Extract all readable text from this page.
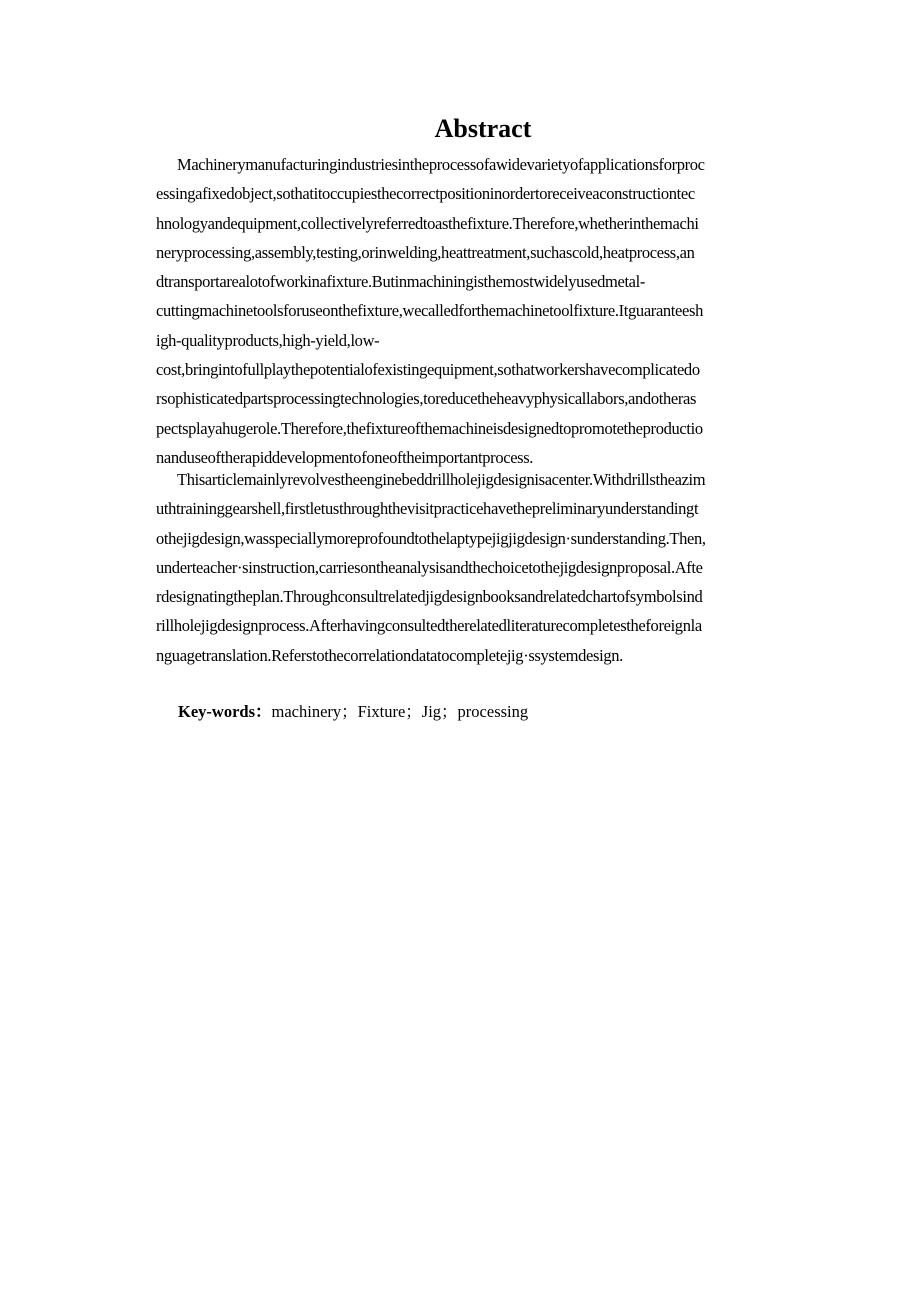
Abstract
Machinerymanufacturingindustriesintheprocessofawidevarietyofapplicationsforproc
essingafixedobject,sothatitoccupiesthecorrectpositioninordertoreceiveaconstructiontec
hnologyandequipment,collectivelyreferredtoasthefixture.Therefore,whetherinthemachi
neryprocessing,assembly,testing,orinwelding,heattreatment,suchascold,heatprocess,an
dtransportarealotofworkinafixture.Butinmachiningisthemostwidelyusedmetal-
cuttingmachinetoolsforuseonthefixture,wecalledforthemachinetoolfixture.Itguaranteesh
igh-qualityproducts,high-yield,low-
cost,bringintofullplaythepotentialofexistingequipment,sothatworkershavecomplicatedo
rsophisticatedpartsprocessingtechnologies,toreducetheheavyphysicallabors,andotheras
pectsplayahugerole.Therefore,thefixtureofthemachineisdesignedtopromotetheproductio
nanduseoftherapiddevelopmentofoneoftheimportantprocess.
Thisarticlemainlyrevolvestheenginebeddrillholejigdesignisacenter.Withdrillstheazim
uthtraininggearshell,firstletusthroughthevisitpracticehavethepreliminaryunderstandingt
othejigdesign,wasspeciallymoreprofoundtothelaptypejigjigdesign·sunderstanding.Then,
underteacher·sinstruction,carriesontheanalysisandthechoicetothejigdesignproposal.Afte
rdesignatingtheplan.Throughconsultrelatedjigdesignbooksandrelatedchartofsymbolsind
rillholejigdesignprocess.Afterhavingconsultedtherelatedliteraturecompletestheforeignla
nguagetranslation.Referstothecorrelationdatatocompletejig·ssystemdesign.

Key-words：machinery；Fixture；Jig；processing
